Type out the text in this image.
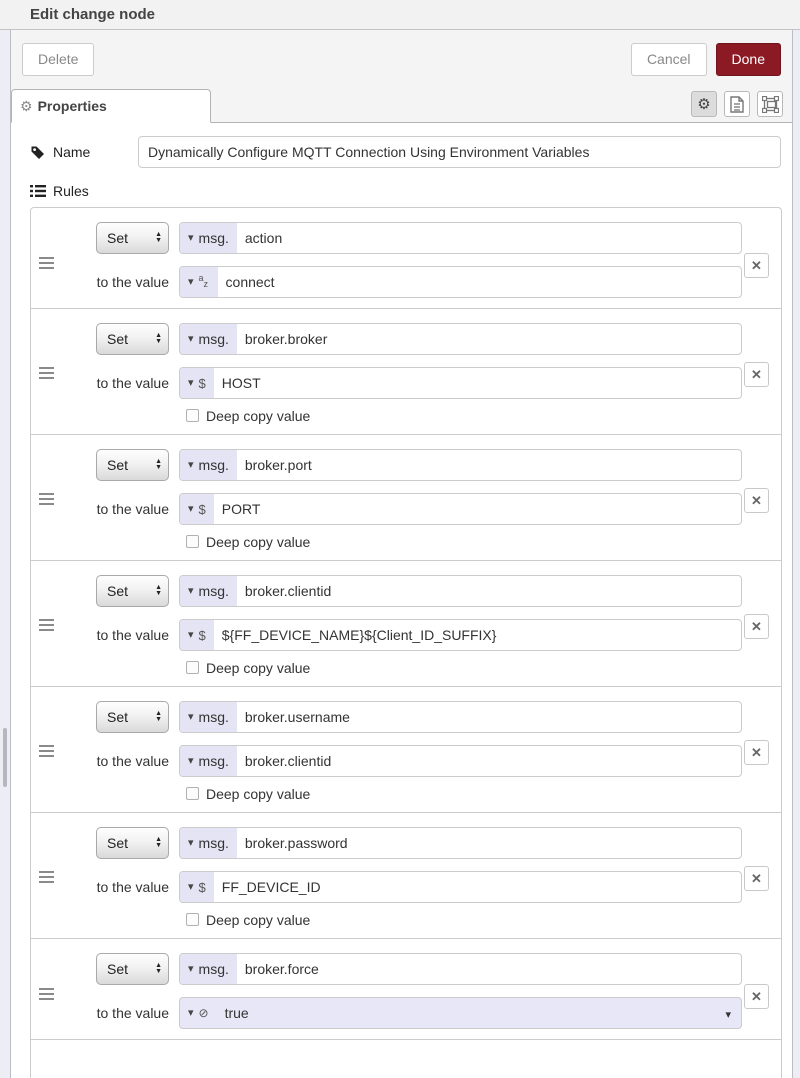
Edit change node
Delete	Cancel	Done
⚙ Properties	⚙
Name
Dynamically Configure MQTT Connection Using Environment Variables
Rules
✕
Set	▲
▼ ▾ msg.	action
to the value ▾ a
z	connect
✕
Set	▲
▼ ▾ msg.	broker.broker
to the value ▾ $	HOST
Deep copy value
✕
Set	▲
▼ ▾ msg.	broker.port
to the value ▾ $	PORT
Deep copy value
✕
Set	▲
▼ ▾ msg.	broker.clientid
to the value ▾ $	${FF_DEVICE_NAME}${Client_ID_SUFFIX}
Deep copy value
✕
Set	▲
▼ ▾ msg.	broker.username
to the value ▾ msg.	broker.clientid
Deep copy value
✕
Set	▲
▼ ▾ msg.	broker.password
to the value ▾ $	FF_DEVICE_ID
Deep copy value
✕
Set	▲
▼ ▾ msg.	broker.force
to the value ▾ ⊘	true	▾
